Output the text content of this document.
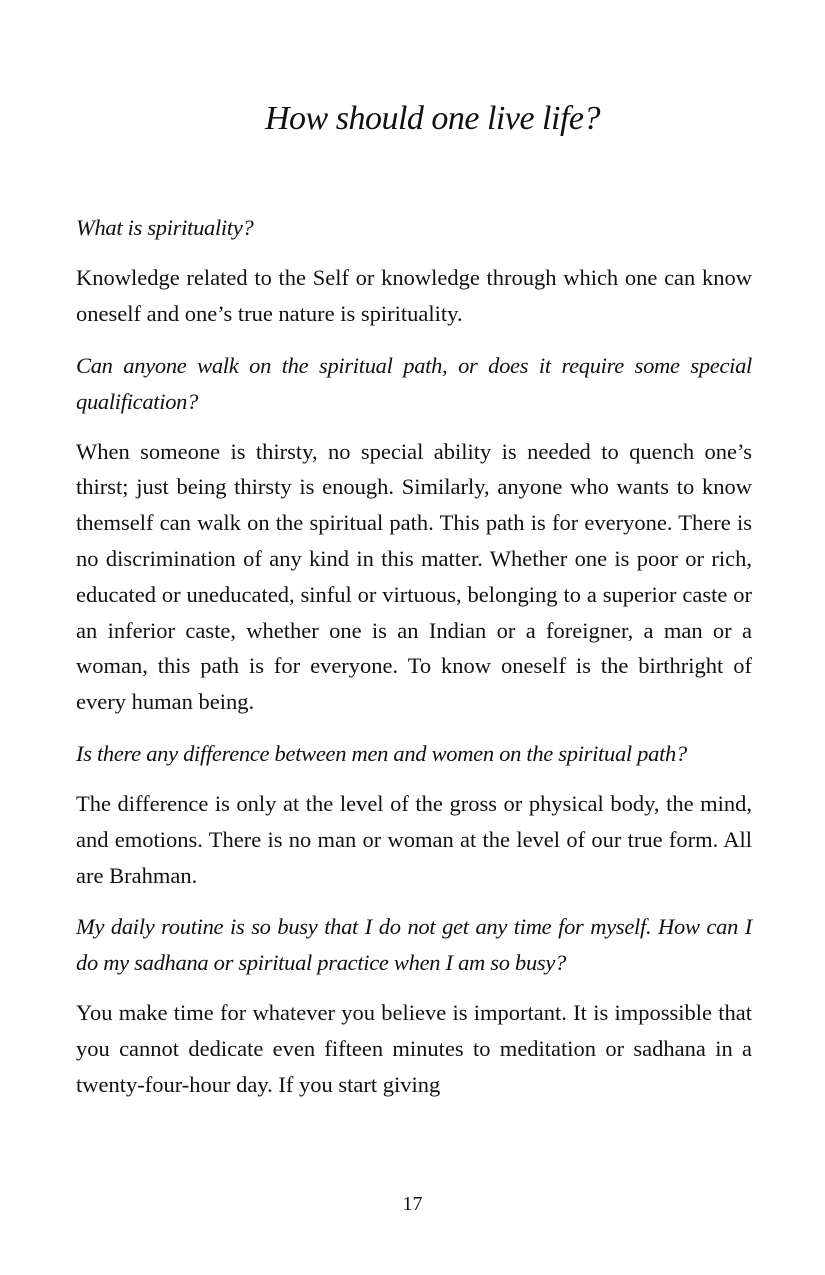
How should one live life?

What is spirituality?

Knowledge related to the Self or knowledge through which one can know oneself and one’s true nature is spirituality.

Can anyone walk on the spiritual path, or does it require some special qualification?

When someone is thirsty, no special ability is needed to quench one’s thirst; just being thirsty is enough. Similarly, anyone who wants to know themself can walk on the spiritual path. This path is for everyone. There is no discrimination of any kind in this matter. Whether one is poor or rich, educated or uneducated, sinful or virtuous, belonging to a superior caste or an inferior caste, whether one is an Indian or a foreigner, a man or a woman, this path is for everyone. To know oneself is the birthright of every human being.

Is there any difference between men and women on the spiritual path?

The difference is only at the level of the gross or physical body, the mind, and emotions. There is no man or woman at the level of our true form. All are Brahman.

My daily routine is so busy that I do not get any time for myself. How can I do my sadhana or spiritual practice when I am so busy?

You make time for whatever you believe is important. It is impossible that you cannot dedicate even fifteen minutes to meditation or sadhana in a twenty-four-hour day. If you start giving

17
